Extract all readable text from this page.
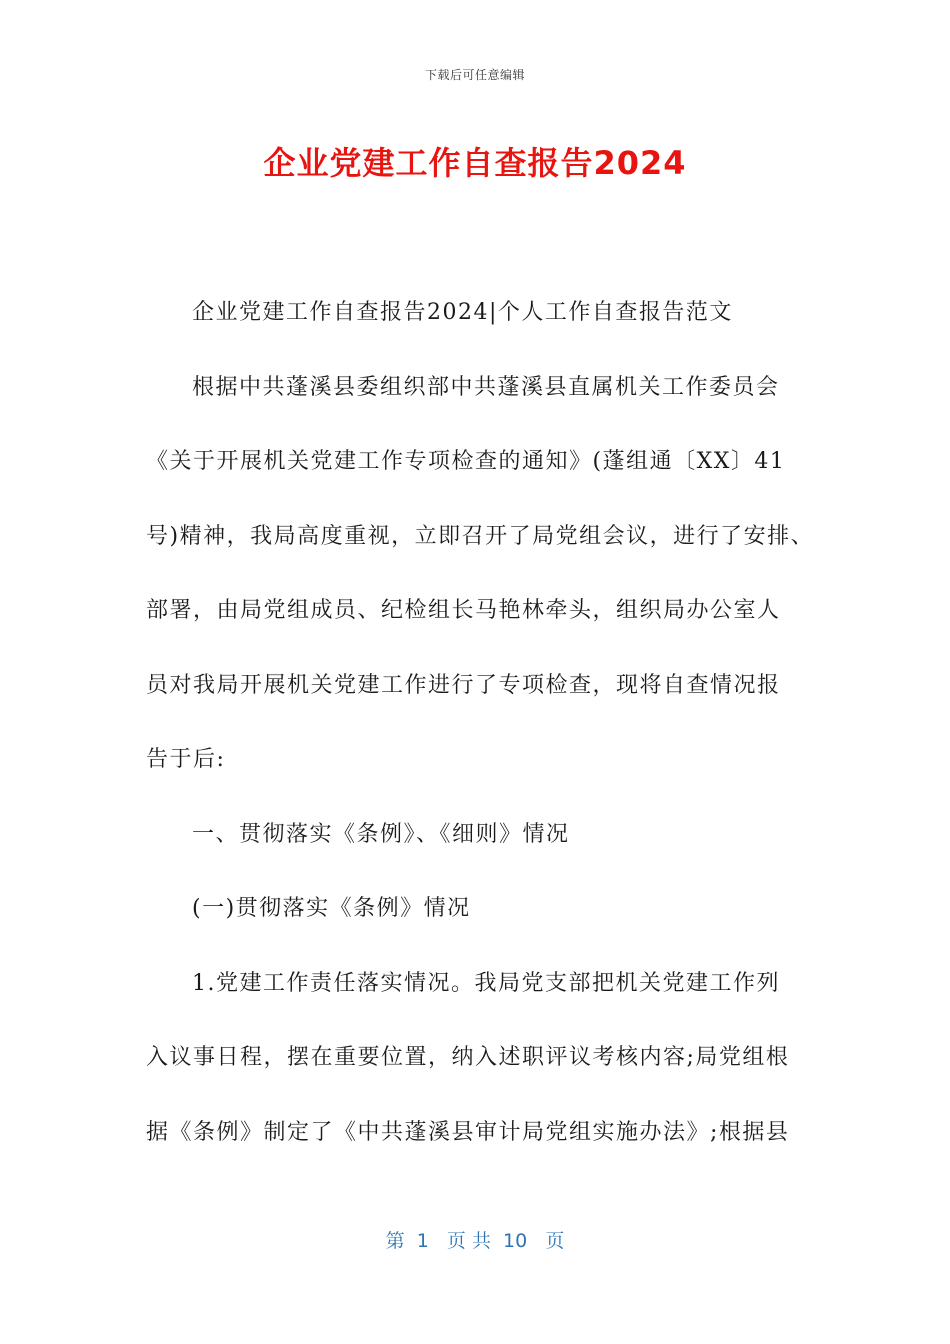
下载后可任意编辑
企业党建工作自查报告2024

企业党建工作自查报告2024|个人工作自查报告范文

根据中共蓬溪县委组织部中共蓬溪县直属机关工作委员会

《关于开展机关党建工作专项检查的通知》(蓬组通〔XX〕41

号)精神，我局高度重视，立即召开了局党组会议，进行了安排、

部署，由局党组成员、纪检组长马艳林牵头，组织局办公室人

员对我局开展机关党建工作进行了专项检查，现将自查情况报

告于后:

一、贯彻落实《条例》、《细则》情况

(一)贯彻落实《条例》情况

1.党建工作责任落实情况。我局党支部把机关党建工作列

入议事日程，摆在重要位置，纳入述职评议考核内容;局党组根

据《条例》制定了《中共蓬溪县审计局党组实施办法》;根据县

第  1   页 共  10   页
